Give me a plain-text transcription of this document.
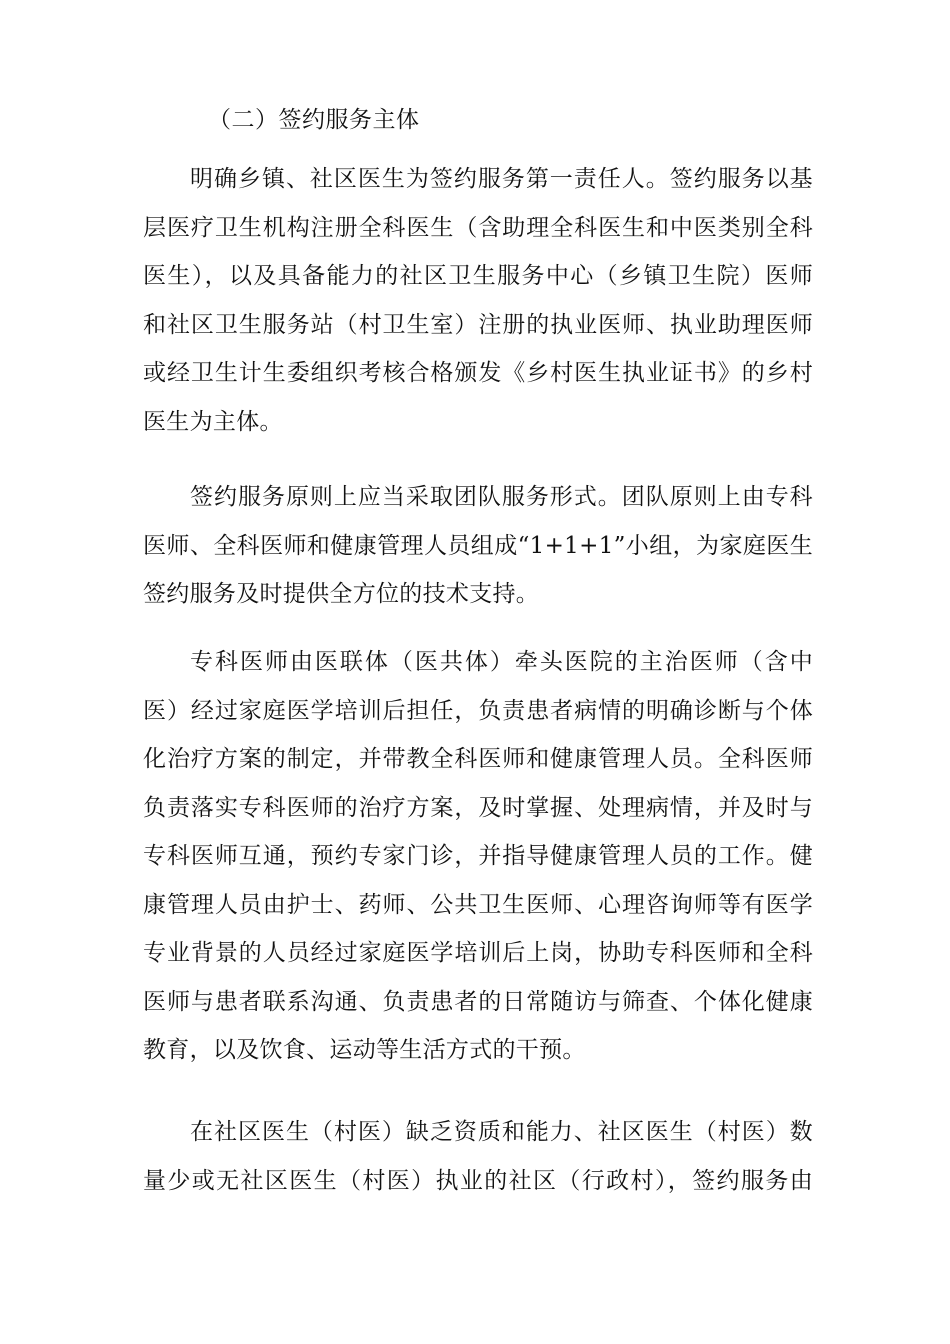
（二）签约服务主体
明确乡镇、社区医生为签约服务第一责任人。签约服务以基
层医疗卫生机构注册全科医生（含助理全科医生和中医类别全科
医生），以及具备能力的社区卫生服务中心（乡镇卫生院）医师
和社区卫生服务站（村卫生室）注册的执业医师、执业助理医师
或经卫生计生委组织考核合格颁发《乡村医生执业证书》的乡村
医生为主体。
签约服务原则上应当采取团队服务形式。团队原则上由专科
医师、全科医师和健康管理人员组成“1+1+1”小组，为家庭医生
签约服务及时提供全方位的技术支持。
专科医师由医联体（医共体）牵头医院的主治医师（含中
医）经过家庭医学培训后担任，负责患者病情的明确诊断与个体
化治疗方案的制定，并带教全科医师和健康管理人员。全科医师
负责落实专科医师的治疗方案，及时掌握、处理病情，并及时与
专科医师互通，预约专家门诊，并指导健康管理人员的工作。健
康管理人员由护士、药师、公共卫生医师、心理咨询师等有医学
专业背景的人员经过家庭医学培训后上岗，协助专科医师和全科
医师与患者联系沟通、负责患者的日常随访与筛查、个体化健康
教育，以及饮食、运动等生活方式的干预。
在社区医生（村医）缺乏资质和能力、社区医生（村医）数
量少或无社区医生（村医）执业的社区（行政村），签约服务由
